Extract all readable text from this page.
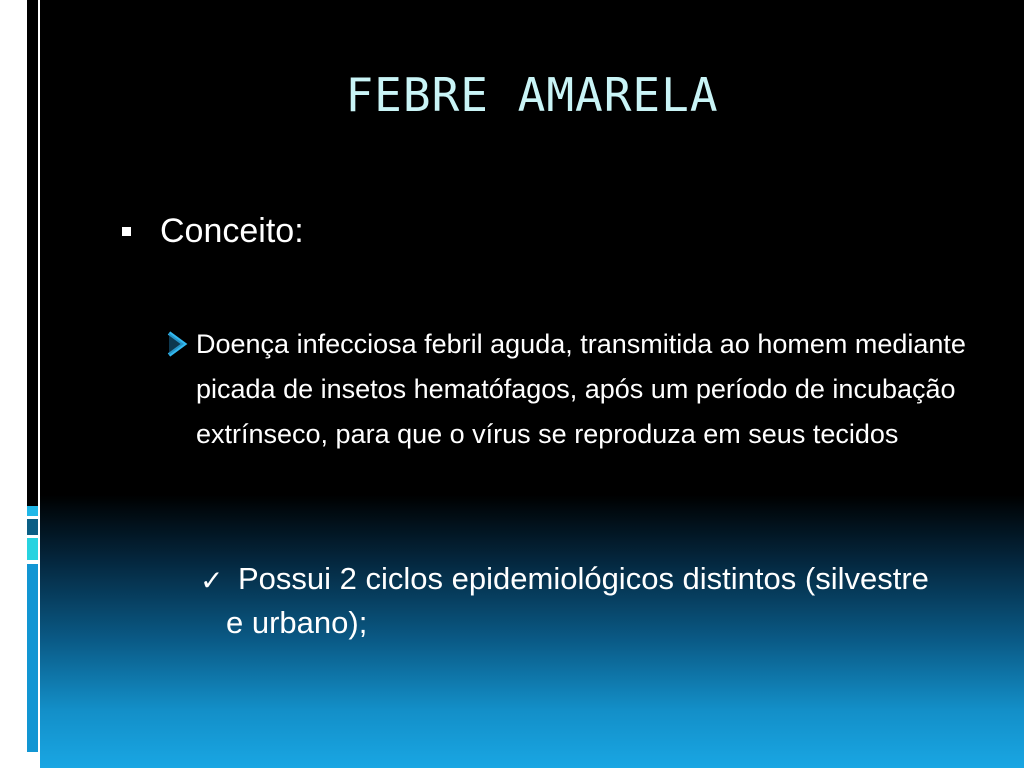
FEBRE AMARELA
Conceito:
Doença infecciosa febril aguda, transmitida ao homem mediante picada de insetos hematófagos, após um período de incubação extrínseco, para que o vírus se reproduza em seus tecidos
✓ Possui 2 ciclos epidemiológicos distintos (silvestre e urbano);
